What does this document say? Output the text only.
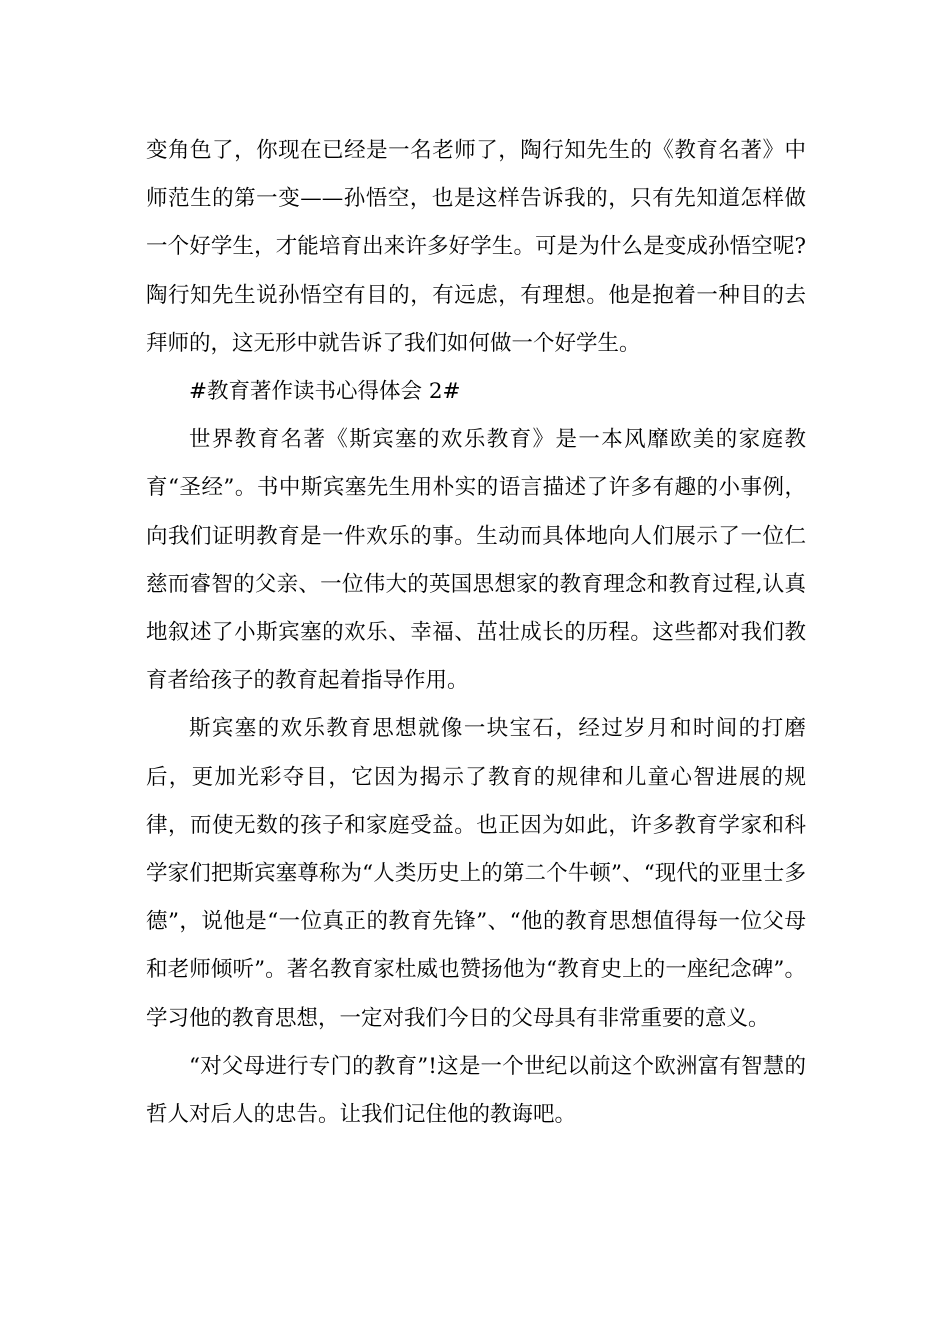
变角色了，你现在已经是一名老师了，陶行知先生的《教育名著》中师范生的第一变——孙悟空，也是这样告诉我的，只有先知道怎样做一个好学生，才能培育出来许多好学生。可是为什么是变成孙悟空呢?陶行知先生说孙悟空有目的，有远虑，有理想。他是抱着一种目的去拜师的，这无形中就告诉了我们如何做一个好学生。

#教育著作读书心得体会 2#

世界教育名著《斯宾塞的欢乐教育》是一本风靡欧美的家庭教育“圣经”。书中斯宾塞先生用朴实的语言描述了许多有趣的小事例，向我们证明教育是一件欢乐的事。生动而具体地向人们展示了一位仁慈而睿智的父亲、一位伟大的英国思想家的教育理念和教育过程,认真地叙述了小斯宾塞的欢乐、幸福、茁壮成长的历程。这些都对我们教育者给孩子的教育起着指导作用。

斯宾塞的欢乐教育思想就像一块宝石，经过岁月和时间的打磨后，更加光彩夺目，它因为揭示了教育的规律和儿童心智进展的规律，而使无数的孩子和家庭受益。也正因为如此，许多教育学家和科学家们把斯宾塞尊称为“人类历史上的第二个牛顿”、“现代的亚里士多德”，说他是“一位真正的教育先锋”、“他的教育思想值得每一位父母和老师倾听”。著名教育家杜威也赞扬他为“教育史上的一座纪念碑”。学习他的教育思想，一定对我们今日的父母具有非常重要的意义。

“对父母进行专门的教育”!这是一个世纪以前这个欧洲富有智慧的哲人对后人的忠告。让我们记住他的教诲吧。
